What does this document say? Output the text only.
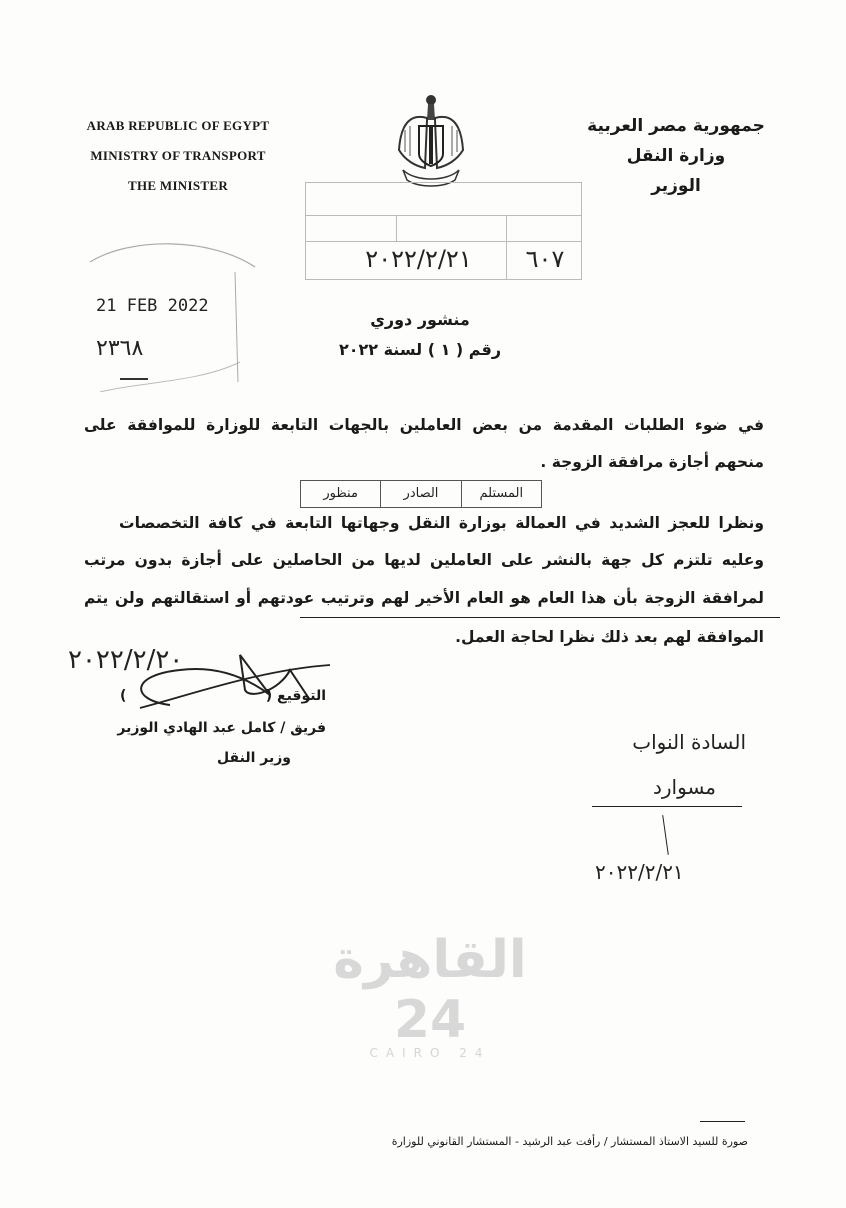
القاهرة 24
CAIRO 24
ARAB REPUBLIC OF EGYPT
MINISTRY OF TRANSPORT
THE MINISTER
جمهورية مصر العربية
وزارة النقل
الوزير
٦٠٧
٢٠٢٢/٢/٢١
21 FEB 2022
٢٣٦٨
منشور دوري
رقم ( ١ ) لسنة ٢٠٢٢
منظور	الصادر	المستلم
في ضوء الطلبات المقدمة من بعض العاملين بالجهات التابعة للوزارة للموافقة على
منحهم أجازة مرافقة الزوجة .
ونظرا للعجز الشديد في العمالة بوزارة النقل وجهاتها التابعة في كافة التخصصات
وعليه تلتزم كل جهة بالنشر على العاملين لديها من الحاصلين على أجازة بدون مرتب
لمرافقة الزوجة بأن هذا العام هو العام الأخير لهم وترتيب عودتهم أو استقالتهم ولن يتم
الموافقة لهم بعد ذلك نظرا لحاجة العمل.
٢٠٢٢/٢/٢٠
التوقيع (
)
فريق / كامل عبد الهادي الوزير
وزير النقل
السادة النواب
مسوارد
٢٠٢٢/٢/٢١
صورة للسيد الاستاذ المستشار / رأفت عبد الرشيد - المستشار القانوني للوزارة
